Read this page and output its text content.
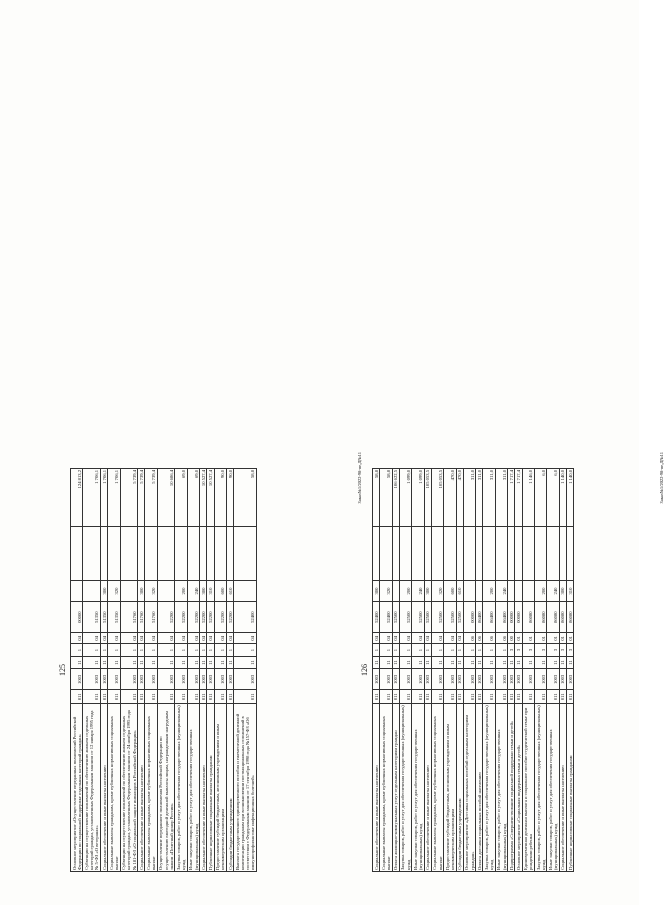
125
Основное мероприятие «Осуществление переданных полномочий Российской Федерации по социальной поддержке отдельных категорий граждан»	011	1003	11	1	04	00000			124 813,2
Субвенции на осуществление полномочий по обеспечению жильем отдельных категорий граждан, установленных Федеральным законом от 12 января 1995 года № 5-ФЗ «О ветеранах»	011	1003	11	1	04	51350			1 706,1
Социальное обеспечение и иные выплаты населению	011	1003	11	1	04	51350	300		1 706,1
Социальные выплаты гражданам, кроме публичных нормативных социальных выплат	011	1003	11	1	04	51350	320		1 706,1
Субвенции на осуществление полномочий по обеспечению жильем отдельных категорий граждан, установленных Федеральным законом от 24 ноября 1995 года № 181-ФЗ «О социальной защите инвалидов в Российской Федерации»	011	1003	11	1	04	51760			5 739,4
Социальное обеспечение и иные выплаты населению	011	1003	11	1	04	51760	300		5 739,4
Социальные выплаты гражданам, кроме публичных нормативных социальных выплат	011	1003	11	1	04	51760	320		5 739,4
Осуществление переданного полномочия Российской Федерации по осуществлению ежегодной денежной выплаты лицам, награжденным нагрудным знаком «Почетный донор России»	011	1003	11	1	04	52200			10 686,4
Закупка товаров, работ и услуг для обеспечения государственных (муниципальных) нужд	011	1003	11	1	04	52200	200		69,0
Иные закупки товаров, работ и услуг для обеспечения государственных (муниципальных) нужд	011	1003	11	1	04	52200	240		69,0
Социальное обеспечение и иные выплаты населению	011	1003	11	1	04	52200	300		10 527,4
Публичные нормативные социальные выплаты гражданам	011	1003	11	1	04	52200	310		10 527,4
Предоставление субсидий бюджетным, автономным учреждениям и иным некоммерческим организациям	011	1003	11	1	04	52200	600		90,0
Субсидии бюджетным учреждениям	011	1003	11	1	04	52200	610		90,0
Выплата государственного единовременного пособия и ежемесячной денежной компенсации гражданам при возникновении поствакцинальных осложнений в соответствии с Федеральным законом от 17 сентября 1998 года №157-ФЗ «Об иммунопрофилактике инфекционных болезней»	011	1003	11	1	04	52400			58,8	Заказ№1/2022-98-ое,Д№11
126
Социальное обеспечение и иные выплаты населению	011	1003	11	1	04	52400	300		58,8
Социальные выплаты гражданам, кроме публичных нормативных социальных выплат	011	1003	11	1	04	52400	320		58,8
Оплата жилищно-коммунальных услуг отдельным категориям граждан	011	1003	11	1	04	52500			106 622,5
Закупка товаров, работ и услуг для обеспечения государственных (муниципальных) нужд	011	1003	11	1	04	52500	200		1 099,0
Иные закупки товаров, работ и услуг для обеспечения государственных (муниципальных) нужд	011	1003	11	1	04	52500	240		1 099,0
Социальное обеспечение и иные выплаты населению	011	1003	11	1	04	52500	300		105 053,5
Социальные выплаты гражданам, кроме публичных нормативных социальных выплат	011	1003	11	1	04	52500	320		105 053,5
Предоставление субсидий бюджетным, автономным учреждениям и иным некоммерческим организациям	011	1003	11	1	04	52500	600		470,0
Субсидии бюджетным учреждениям	011	1003	11	1	04	52500	610		470,0
Основное мероприятие «Доставка социальных пособий отдельным категориям граждан»	011	1003	11	1	06	00000			311,0
Оплата доставки социальных пособий населению	011	1003	11	1	06	86400			311,0
Закупка товаров, работ и услуг для обеспечения государственных (муниципальных) нужд	011	1003	11	1	06	86400	200		311,0
Иные закупки товаров, работ и услуг для обеспечения государственных (муниципальных) нужд	011	1003	11	1	06	86400	240		311,0
Подпрограмма «Совершенствование социальной поддержки семьи и детей»	011	1003	11	3	00	00000			1 717,4
Основное мероприятие «Социальная поддержка семьи и детей»	011	1003	11	3	01	00000			1 717,4
Единовременная денежная выплата и социальное пособие студенческой семье при рождении ребенка	011	1003	11	3	01	86080			1 146,0
Закупка товаров, работ и услуг для обеспечения государственных (муниципальных) нужд	011	1003	11	3	01	86080	200		6,0
Иные закупки товаров, работ и услуг для обеспечения государственных (муниципальных) нужд	011	1003	11	3	01	86080	240		6,0
Социальное обеспечение и иные выплаты населению	011	1003	11	3	01	86080	300		1 140,0
Публичные нормативные социальные выплаты гражданам	011	1003	11	3	01	86080	310		1 140,0	Заказ№1/2022-98-ое,Д№11
